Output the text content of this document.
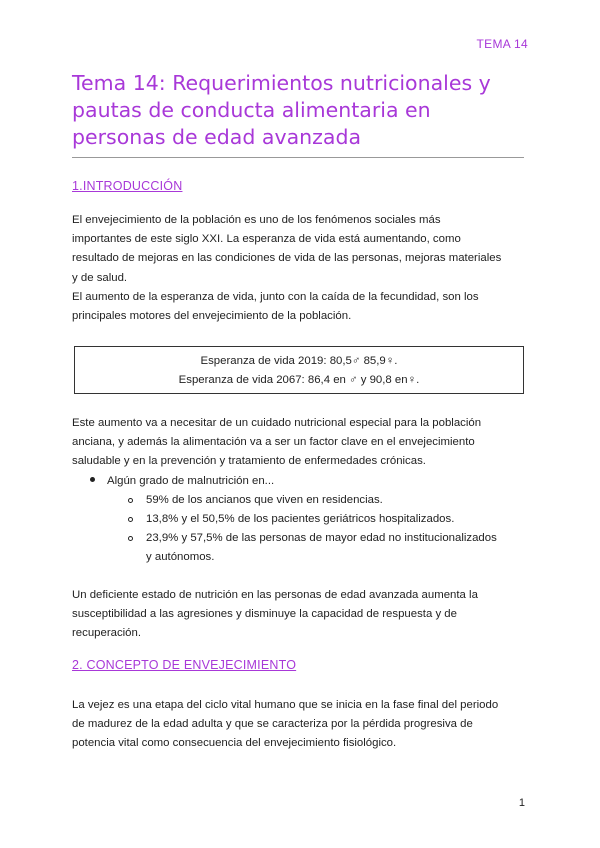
TEMA 14
Tema 14: Requerimientos nutricionales y
pautas de conducta alimentaria en
personas de edad avanzada
1.INTRODUCCIÓN
El envejecimiento de la población es uno de los fenómenos sociales más
importantes de este siglo XXI. La esperanza de vida está aumentando, como
resultado de mejoras en las condiciones de vida de las personas, mejoras materiales
y de salud.
El aumento de la esperanza de vida, junto con la caída de la fecundidad, son los
principales motores del envejecimiento de la población.
Esperanza de vida 2019: 80,5♂ 85,9♀.
Esperanza de vida 2067: 86,4 en ♂ y 90,8 en♀.
Este aumento va a necesitar de un cuidado nutricional especial para la población
anciana, y además la alimentación va a ser un factor clave en el envejecimiento
saludable y en la prevención y tratamiento de enfermedades crónicas.
Algún grado de malnutrición en...
59% de los ancianos que viven en residencias.
13,8% y el 50,5% de los pacientes geriátricos hospitalizados.
23,9% y 57,5% de las personas de mayor edad no institucionalizados
y autónomos.
Un deficiente estado de nutrición en las personas de edad avanzada aumenta la
susceptibilidad a las agresiones y disminuye la capacidad de respuesta y de
recuperación.
2. CONCEPTO DE ENVEJECIMIENTO
La vejez es una etapa del ciclo vital humano que se inicia en la fase final del periodo
de madurez de la edad adulta y que se caracteriza por la pérdida progresiva de
potencia vital como consecuencia del envejecimiento fisiológico.
1
